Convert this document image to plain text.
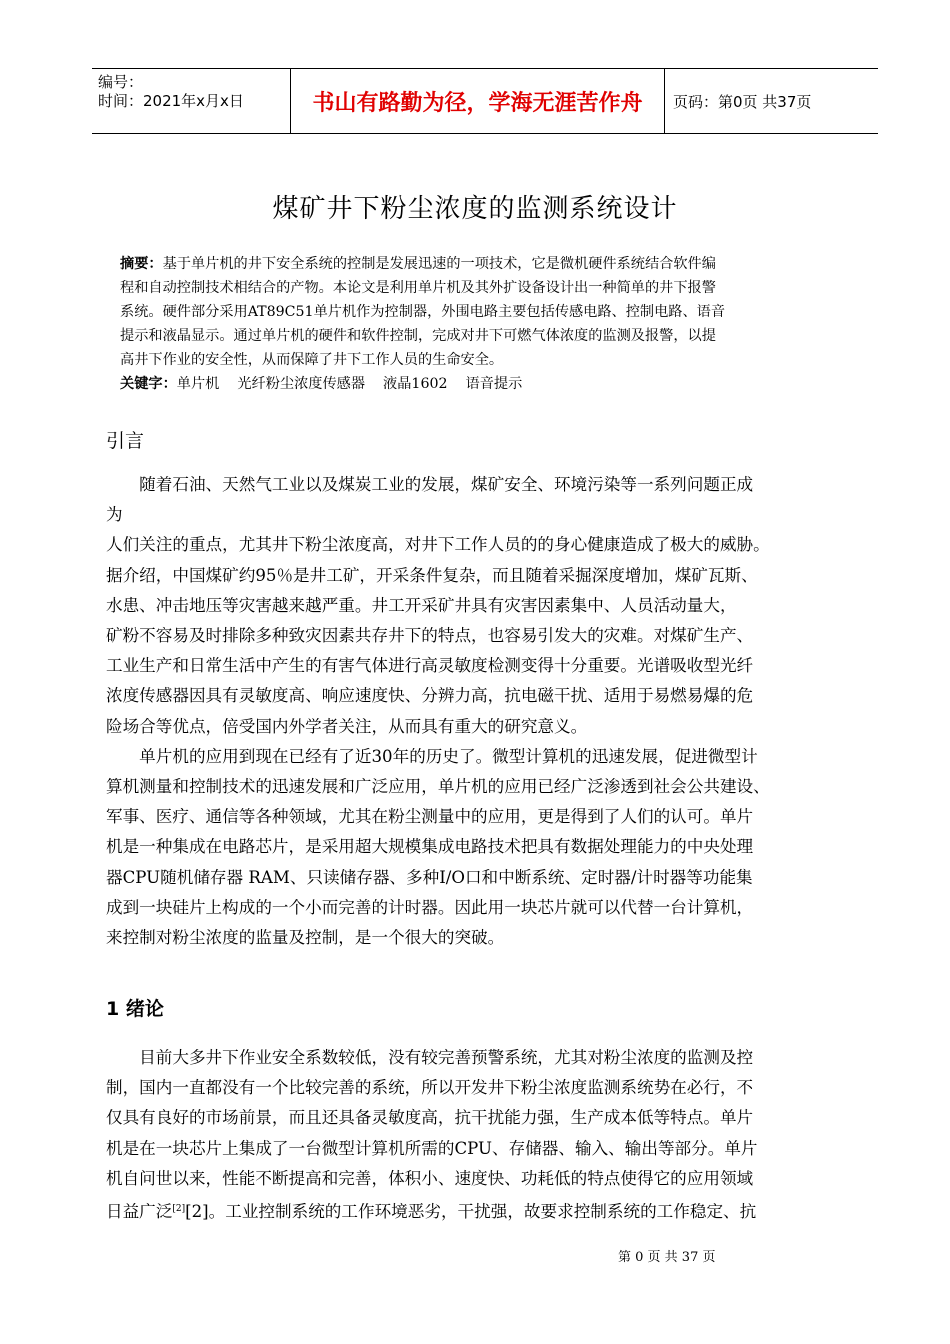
编号：
时间：2021年x月x日	书山有路勤为径，学海无涯苦作舟	页码：第0页 共37页
煤矿井下粉尘浓度的监测系统设计

摘要：基于单片机的井下安全系统的控制是发展迅速的一项技术，它是微机硬件系统结合软件编

程和自动控制技术相结合的产物。本论文是利用单片机及其外扩设备设计出一种简单的井下报警

系统。硬件部分采用AT89C51单片机作为控制器，外围电路主要包括传感电路、控制电路、语音

提示和液晶显示。通过单片机的硬件和软件控制，完成对井下可燃气体浓度的监测及报警，以提

高井下作业的安全性，从而保障了井下工作人员的生命安全。

关键字：单片机 光纤粉尘浓度传感器 液晶1602 语音提示

引言
　　随着石油、天然气工业以及煤炭工业的发展，煤矿安全、环境污染等一系列问题正成
为
人们关注的重点，尤其井下粉尘浓度高，对井下工作人员的的身心健康造成了极大的威胁。
据介绍，中国煤矿约95％是井工矿，开采条件复杂，而且随着采掘深度增加，煤矿瓦斯、
水患、冲击地压等灾害越来越严重。井工开采矿井具有灾害因素集中、人员活动量大，
矿粉不容易及时排除多种致灾因素共存井下的特点，也容易引发大的灾难。对煤矿生产、
工业生产和日常生活中产生的有害气体进行高灵敏度检测变得十分重要。光谱吸收型光纤
浓度传感器因具有灵敏度高、响应速度快、分辨力高，抗电磁干扰、适用于易燃易爆的危
险场合等优点，倍受国内外学者关注，从而具有重大的研究意义。
　　单片机的应用到现在已经有了近30年的历史了。微型计算机的迅速发展，促进微型计
算机测量和控制技术的迅速发展和广泛应用，单片机的应用已经广泛渗透到社会公共建设、
军事、医疗、通信等各种领域，尤其在粉尘测量中的应用，更是得到了人们的认可。单片
机是一种集成在电路芯片，是采用超大规模集成电路技术把具有数据处理能力的中央处理
器CPU随机储存器 RAM、只读储存器、多种I/O口和中断系统、定时器/计时器等功能集
成到一块硅片上构成的一个小而完善的计时器。因此用一块芯片就可以代替一台计算机，
来控制对粉尘浓度的监量及控制，是一个很大的突破。
1 绪论
　　目前大多井下作业安全系数较低，没有较完善预警系统，尤其对粉尘浓度的监测及控
制，国内一直都没有一个比较完善的系统，所以开发井下粉尘浓度监测系统势在必行，不
仅具有良好的市场前景，而且还具备灵敏度高，抗干扰能力强，生产成本低等特点。单片
机是在一块芯片上集成了一台微型计算机所需的CPU、存储器、输入、输出等部分。单片
机自问世以来，性能不断提高和完善，体积小、速度快、功耗低的特点使得它的应用领域
日益广泛[2][2]。工业控制系统的工作环境恶劣，干扰强，故要求控制系统的工作稳定、抗
第 0 页 共 37 页
